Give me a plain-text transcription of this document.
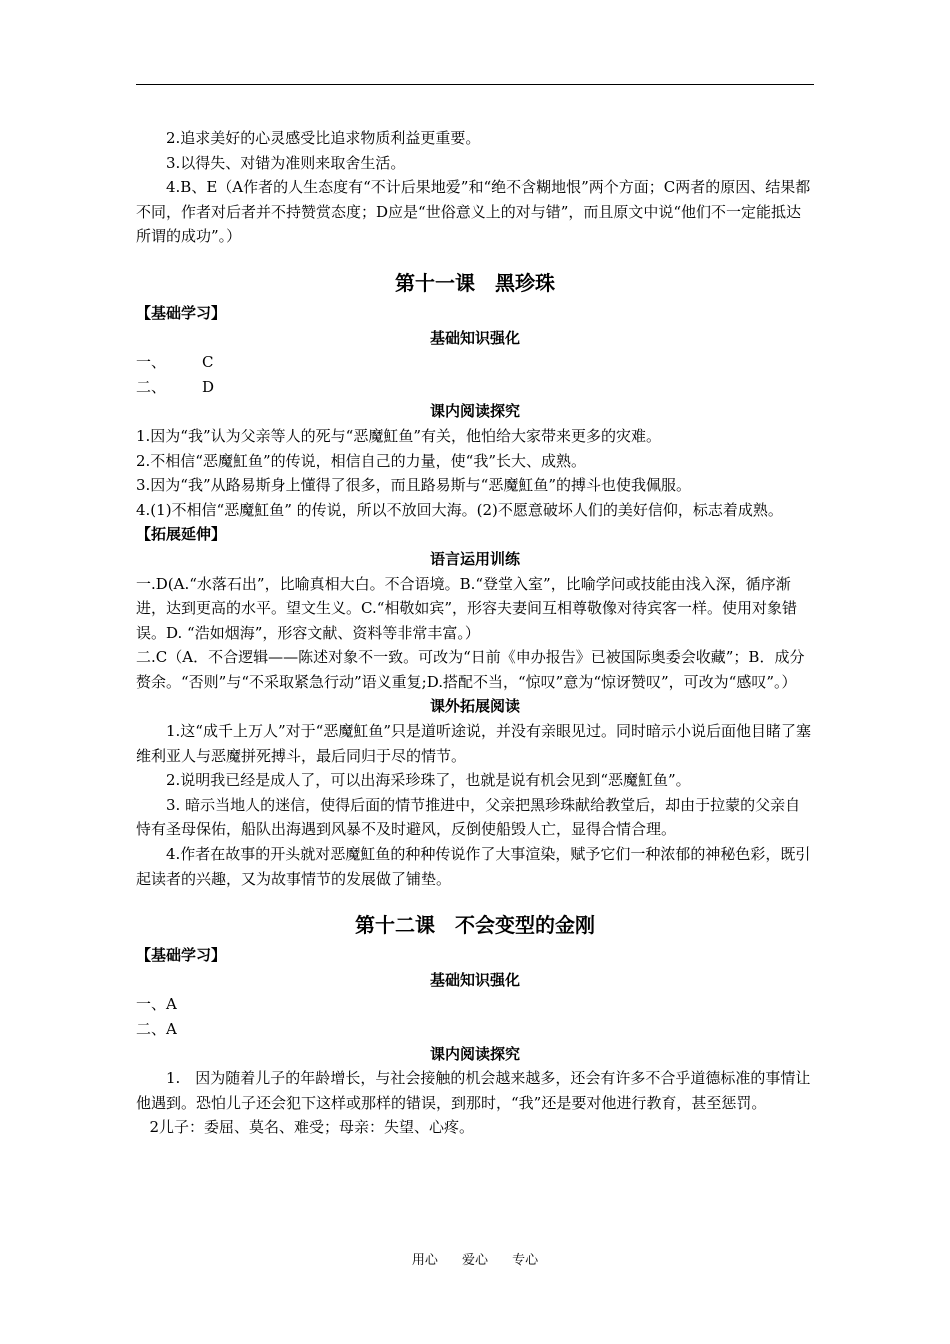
2.追求美好的心灵感受比追求物质利益更重要。

3.以得失、对错为准则来取舍生活。

4.B、E（A作者的人生态度有“不计后果地爱”和“绝不含糊地恨”两个方面；C两者的原因、结果都不同，作者对后者并不持赞赏态度；D应是“世俗意义上的对与错”，而且原文中说“他们不一定能抵达所谓的成功”。）

第十一课　黑珍珠

【基础学习】

基础知识强化

一、 C

二、 D

课内阅读探究

1.因为“我”认为父亲等人的死与“恶魔魟鱼”有关，他怕给大家带来更多的灾难。

2.不相信“恶魔魟鱼”的传说，相信自己的力量，使“我”长大、成熟。

3.因为“我”从路易斯身上懂得了很多，而且路易斯与“恶魔魟鱼”的搏斗也使我佩服。

4.(1)不相信“恶魔魟鱼” 的传说，所以不放回大海。(2)不愿意破坏人们的美好信仰，标志着成熟。

【拓展延伸】

语言运用训练

一.D(A.“水落石出”，比喻真相大白。不合语境。B.“登堂入室”，比喻学问或技能由浅入深，循序渐进，达到更高的水平。望文生义。C.“相敬如宾”，形容夫妻间互相尊敬像对待宾客一样。使用对象错误。D. “浩如烟海”，形容文献、资料等非常丰富。）

二.C（A．不合逻辑——陈述对象不一致。可改为“日前《申办报告》已被国际奥委会收藏”；B．成分赘余。“否则”与“不采取紧急行动”语义重复;D.搭配不当，“惊叹”意为“惊讶赞叹”，可改为“感叹”。）

课外拓展阅读

1.这“成千上万人”对于“恶魔魟鱼”只是道听途说，并没有亲眼见过。同时暗示小说后面他目睹了塞维利亚人与恶魔拼死搏斗，最后同归于尽的情节。

2.说明我已经是成人了，可以出海采珍珠了，也就是说有机会见到“恶魔魟鱼”。

3. 暗示当地人的迷信，使得后面的情节推进中，父亲把黑珍珠献给教堂后，却由于拉蒙的父亲自恃有圣母保佑，船队出海遇到风暴不及时避风，反倒使船毁人亡，显得合情合理。

4.作者在故事的开头就对恶魔魟鱼的种种传说作了大事渲染，赋予它们一种浓郁的神秘色彩，既引起读者的兴趣，又为故事情节的发展做了铺垫。

第十二课　不会变型的金刚

【基础学习】

基础知识强化

一、A

二、A

课内阅读探究

1.　因为随着儿子的年龄增长，与社会接触的机会越来越多，还会有许多不合乎道德标准的事情让他遇到。恐怕儿子还会犯下这样或那样的错误，到那时，“我”还是要对他进行教育，甚至惩罚。

2儿子：委屈、莫名、难受；母亲：失望、心疼。

用心 爱心 专心
